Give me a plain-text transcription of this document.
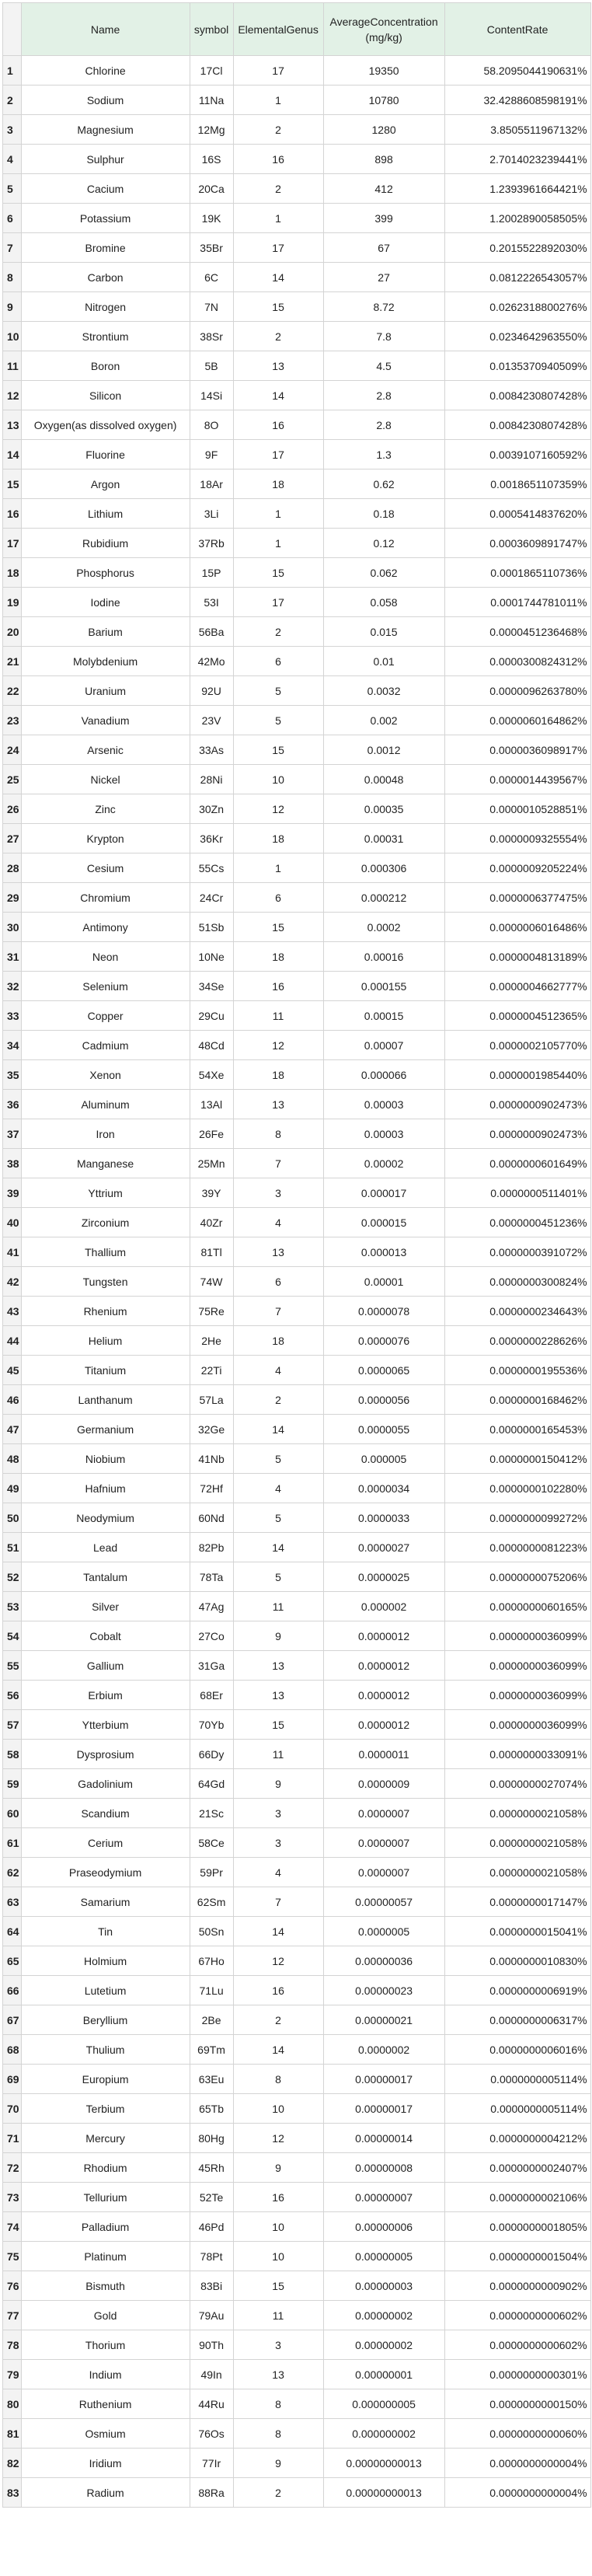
	Name	symbol	ElementalGenus	AverageConcentration (mg/kg)	ContentRate
1	Chlorine	17Cl	17	19350	58.2095044190631%
2	Sodium	11Na	1	10780	32.4288608598191%
3	Magnesium	12Mg	2	1280	3.8505511967132%
4	Sulphur	16S	16	898	2.7014023239441%
5	Cacium	20Ca	2	412	1.2393961664421%
6	Potassium	19K	1	399	1.2002890058505%
7	Bromine	35Br	17	67	0.2015522892030%
8	Carbon	6C	14	27	0.0812226543057%
9	Nitrogen	7N	15	8.72	0.0262318800276%
10	Strontium	38Sr	2	7.8	0.0234642963550%
11	Boron	5B	13	4.5	0.0135370940509%
12	Silicon	14Si	14	2.8	0.0084230807428%
13	Oxygen(as dissolved oxygen)	8O	16	2.8	0.0084230807428%
14	Fluorine	9F	17	1.3	0.0039107160592%
15	Argon	18Ar	18	0.62	0.0018651107359%
16	Lithium	3Li	1	0.18	0.0005414837620%
17	Rubidium	37Rb	1	0.12	0.0003609891747%
18	Phosphorus	15P	15	0.062	0.0001865110736%
19	Iodine	53I	17	0.058	0.0001744781011%
20	Barium	56Ba	2	0.015	0.0000451236468%
21	Molybdenium	42Mo	6	0.01	0.0000300824312%
22	Uranium	92U	5	0.0032	0.0000096263780%
23	Vanadium	23V	5	0.002	0.0000060164862%
24	Arsenic	33As	15	0.0012	0.0000036098917%
25	Nickel	28Ni	10	0.00048	0.0000014439567%
26	Zinc	30Zn	12	0.00035	0.0000010528851%
27	Krypton	36Kr	18	0.00031	0.0000009325554%
28	Cesium	55Cs	1	0.000306	0.0000009205224%
29	Chromium	24Cr	6	0.000212	0.0000006377475%
30	Antimony	51Sb	15	0.0002	0.0000006016486%
31	Neon	10Ne	18	0.00016	0.0000004813189%
32	Selenium	34Se	16	0.000155	0.0000004662777%
33	Copper	29Cu	11	0.00015	0.0000004512365%
34	Cadmium	48Cd	12	0.00007	0.0000002105770%
35	Xenon	54Xe	18	0.000066	0.0000001985440%
36	Aluminum	13Al	13	0.00003	0.0000000902473%
37	Iron	26Fe	8	0.00003	0.0000000902473%
38	Manganese	25Mn	7	0.00002	0.0000000601649%
39	Yttrium	39Y	3	0.000017	0.0000000511401%
40	Zirconium	40Zr	4	0.000015	0.0000000451236%
41	Thallium	81Tl	13	0.000013	0.0000000391072%
42	Tungsten	74W	6	0.00001	0.0000000300824%
43	Rhenium	75Re	7	0.0000078	0.0000000234643%
44	Helium	2He	18	0.0000076	0.0000000228626%
45	Titanium	22Ti	4	0.0000065	0.0000000195536%
46	Lanthanum	57La	2	0.0000056	0.0000000168462%
47	Germanium	32Ge	14	0.0000055	0.0000000165453%
48	Niobium	41Nb	5	0.000005	0.0000000150412%
49	Hafnium	72Hf	4	0.0000034	0.0000000102280%
50	Neodymium	60Nd	5	0.0000033	0.0000000099272%
51	Lead	82Pb	14	0.0000027	0.0000000081223%
52	Tantalum	78Ta	5	0.0000025	0.0000000075206%
53	Silver	47Ag	11	0.000002	0.0000000060165%
54	Cobalt	27Co	9	0.0000012	0.0000000036099%
55	Gallium	31Ga	13	0.0000012	0.0000000036099%
56	Erbium	68Er	13	0.0000012	0.0000000036099%
57	Ytterbium	70Yb	15	0.0000012	0.0000000036099%
58	Dysprosium	66Dy	11	0.0000011	0.0000000033091%
59	Gadolinium	64Gd	9	0.0000009	0.0000000027074%
60	Scandium	21Sc	3	0.0000007	0.0000000021058%
61	Cerium	58Ce	3	0.0000007	0.0000000021058%
62	Praseodymium	59Pr	4	0.0000007	0.0000000021058%
63	Samarium	62Sm	7	0.00000057	0.0000000017147%
64	Tin	50Sn	14	0.0000005	0.0000000015041%
65	Holmium	67Ho	12	0.00000036	0.0000000010830%
66	Lutetium	71Lu	16	0.00000023	0.0000000006919%
67	Beryllium	2Be	2	0.00000021	0.0000000006317%
68	Thulium	69Tm	14	0.0000002	0.0000000006016%
69	Europium	63Eu	8	0.00000017	0.0000000005114%
70	Terbium	65Tb	10	0.00000017	0.0000000005114%
71	Mercury	80Hg	12	0.00000014	0.0000000004212%
72	Rhodium	45Rh	9	0.00000008	0.0000000002407%
73	Tellurium	52Te	16	0.00000007	0.0000000002106%
74	Palladium	46Pd	10	0.00000006	0.0000000001805%
75	Platinum	78Pt	10	0.00000005	0.0000000001504%
76	Bismuth	83Bi	15	0.00000003	0.0000000000902%
77	Gold	79Au	11	0.00000002	0.0000000000602%
78	Thorium	90Th	3	0.00000002	0.0000000000602%
79	Indium	49In	13	0.00000001	0.0000000000301%
80	Ruthenium	44Ru	8	0.000000005	0.0000000000150%
81	Osmium	76Os	8	0.000000002	0.0000000000060%
82	Iridium	77Ir	9	0.00000000013	0.0000000000004%
83	Radium	88Ra	2	0.00000000013	0.0000000000004%
